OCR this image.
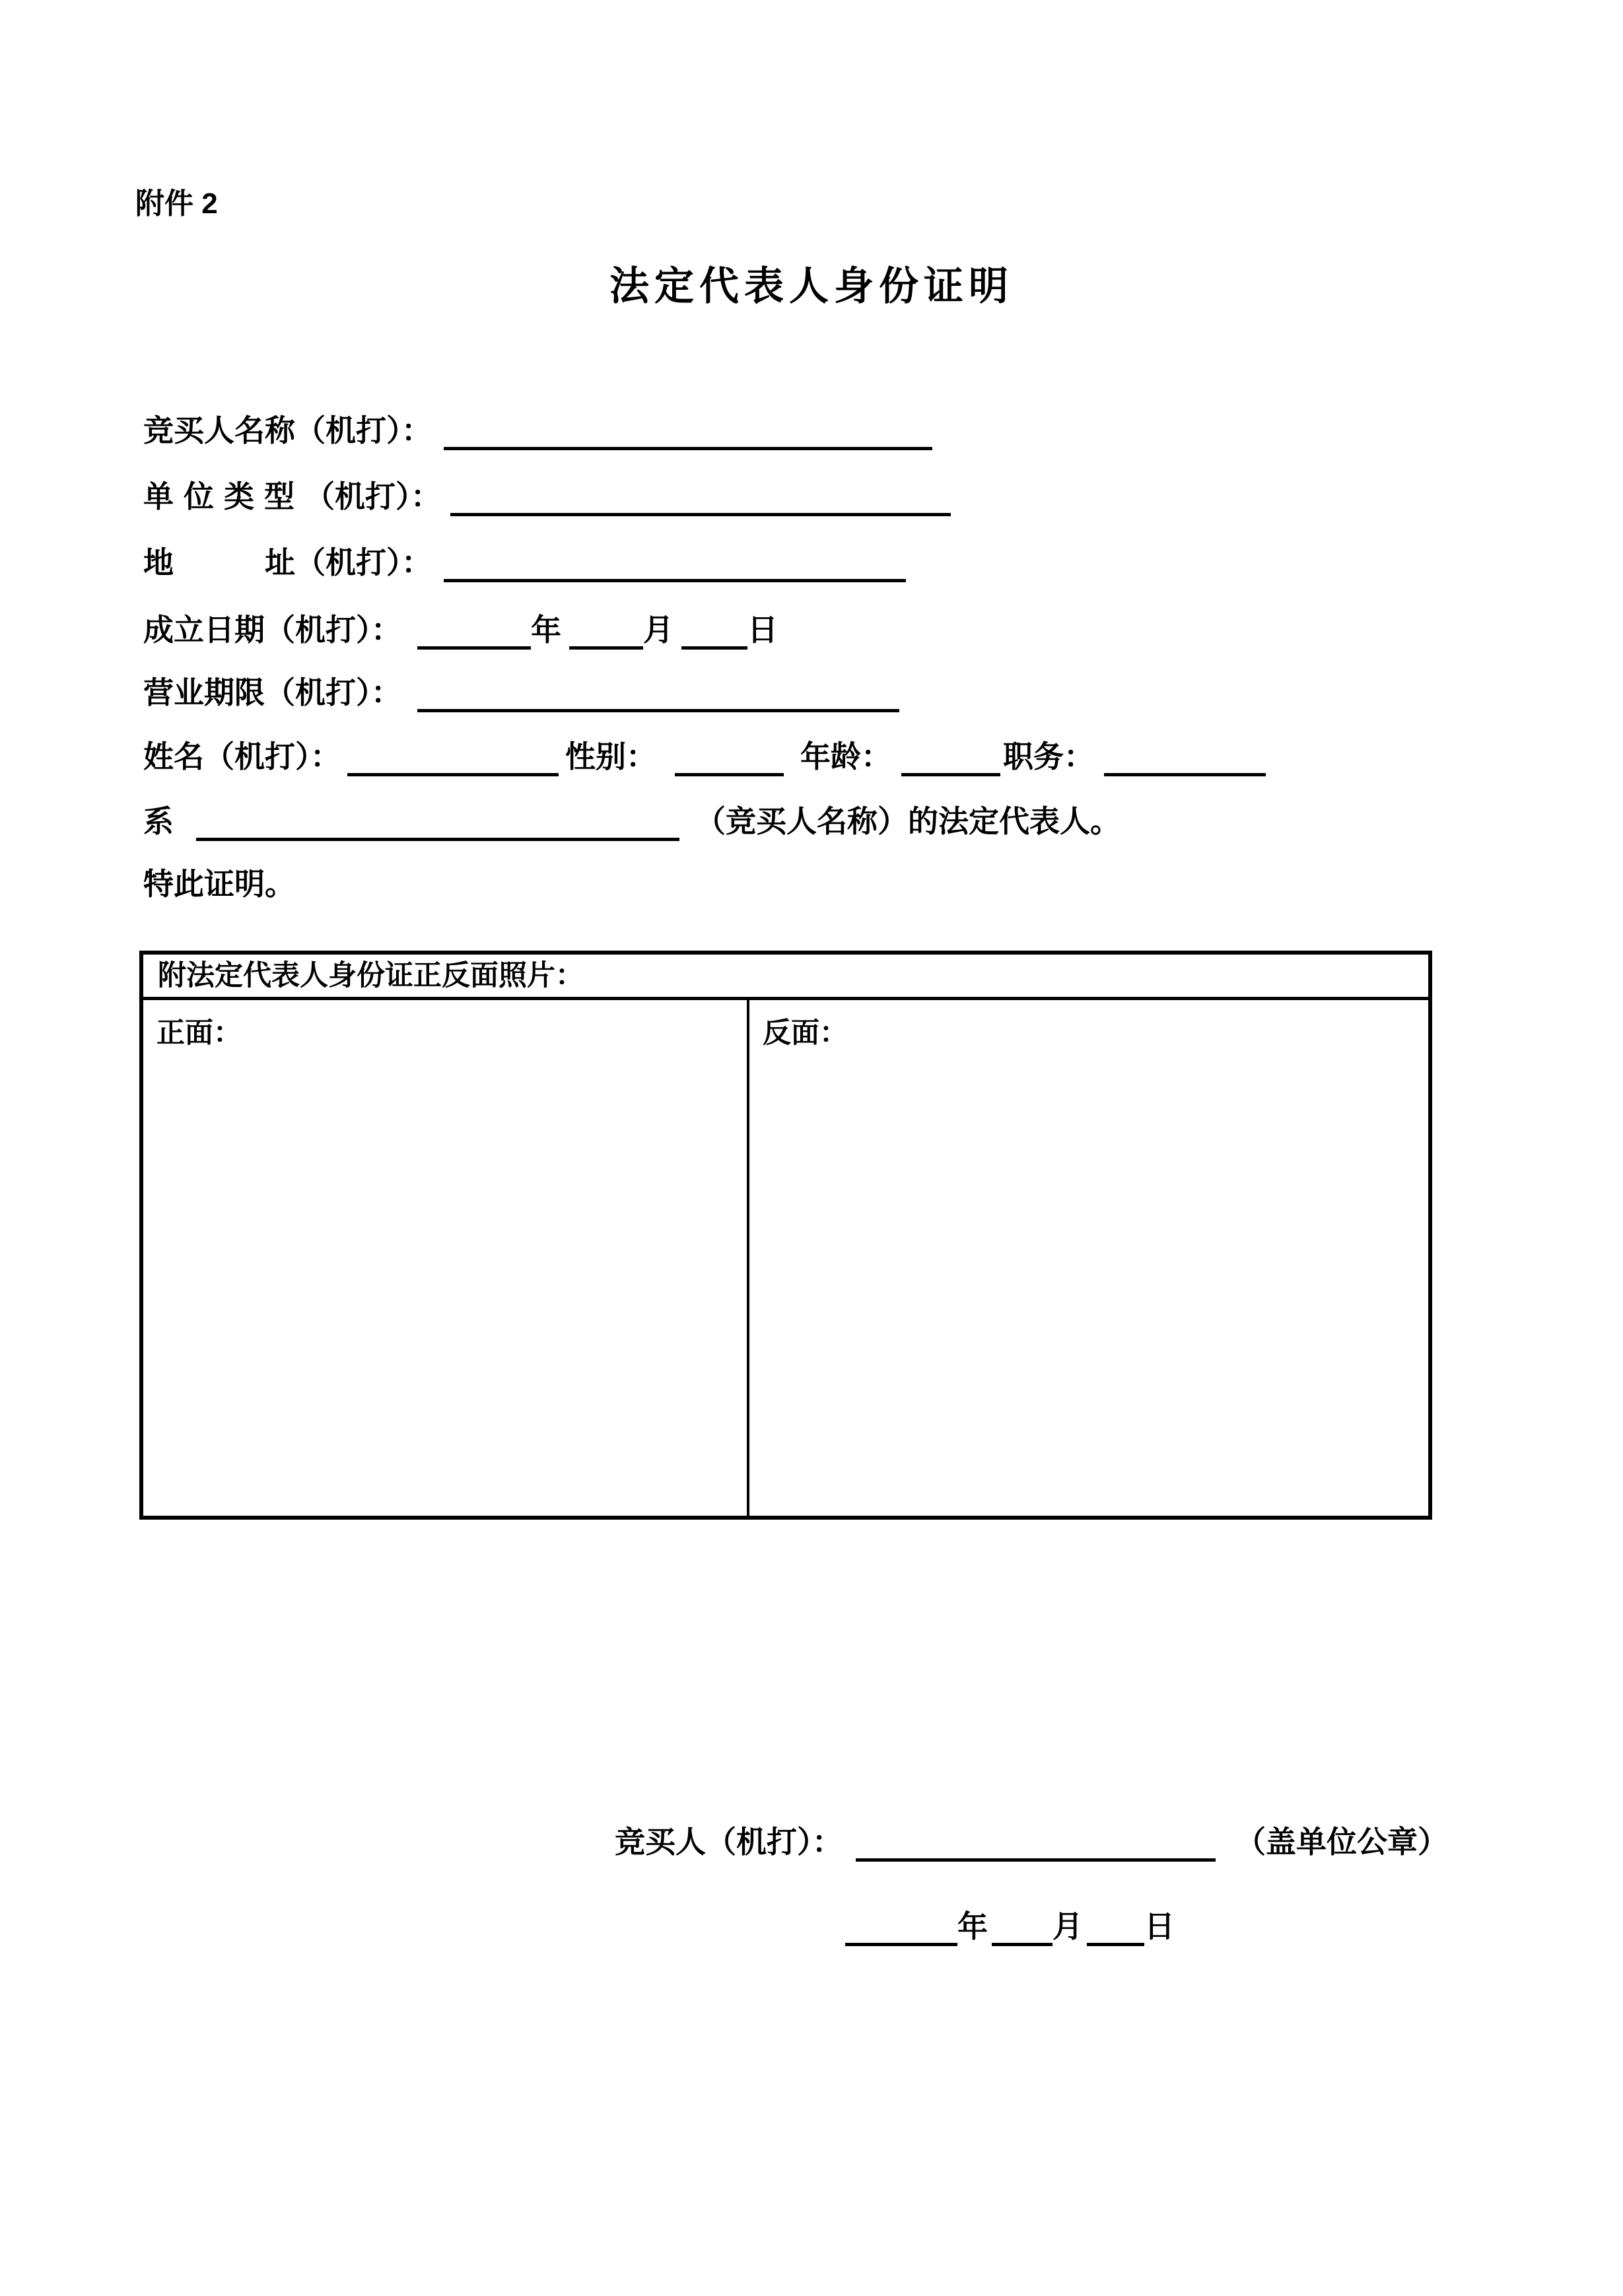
附件 2
法定代表人身份证明
竞买人名称（机打）：
单位类型（机打）：
地　　　址（机打）：
成立日期（机打）：	年	月 日
营业期限（机打）：
姓名（机打）：	性别：	年龄：	职务：
系	（竞买人名称）的法定代表人。
特此证明。
附法定代表人身份证正反面照片：
正面：	反面：
竞买人（机打）：	（盖单位公章）
年 月 日
